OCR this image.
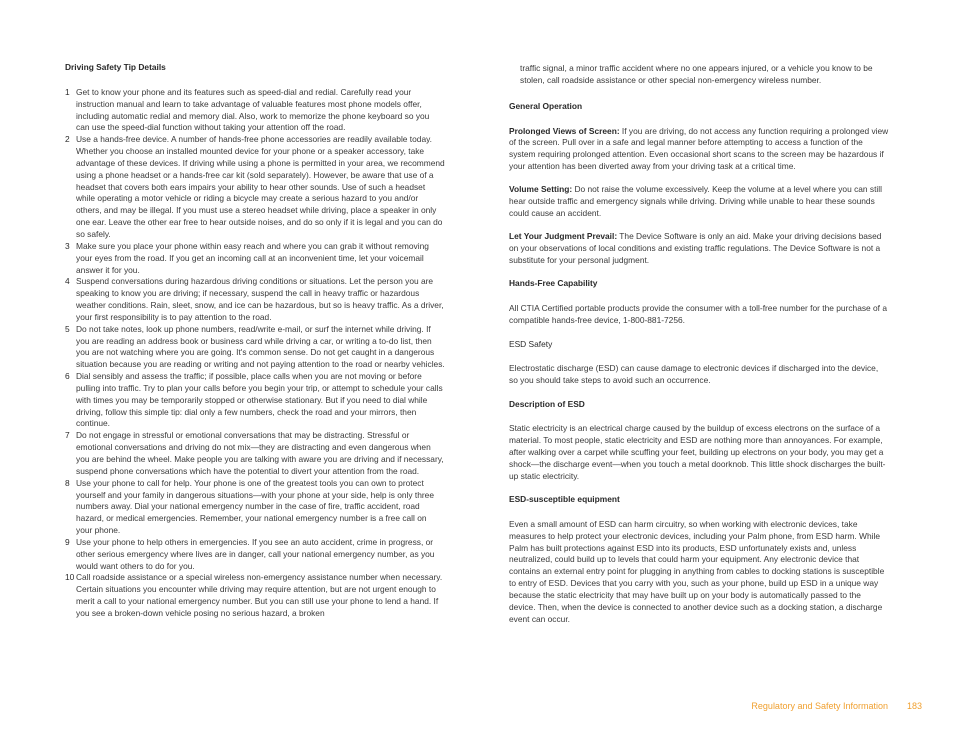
Driving Safety Tip Details
1 Get to know your phone and its features such as speed-dial and redial. Carefully read your instruction manual and learn to take advantage of valuable features most phone models offer, including automatic redial and memory dial. Also, work to memorize the phone keyboard so you can use the speed-dial function without taking your attention off the road.
2 Use a hands-free device. A number of hands-free phone accessories are readily available today. Whether you choose an installed mounted device for your phone or a speaker accessory, take advantage of these devices. If driving while using a phone is permitted in your area, we recommend using a phone headset or a hands-free car kit (sold separately). However, be aware that use of a headset that covers both ears impairs your ability to hear other sounds. Use of such a headset while operating a motor vehicle or riding a bicycle may create a serious hazard to you and/or others, and may be illegal. If you must use a stereo headset while driving, place a speaker in only one ear. Leave the other ear free to hear outside noises, and do so only if it is legal and you can do so safely.
3 Make sure you place your phone within easy reach and where you can grab it without removing your eyes from the road. If you get an incoming call at an inconvenient time, let your voicemail answer it for you.
4 Suspend conversations during hazardous driving conditions or situations. Let the person you are speaking to know you are driving; if necessary, suspend the call in heavy traffic or hazardous weather conditions. Rain, sleet, snow, and ice can be hazardous, but so is heavy traffic. As a driver, your first responsibility is to pay attention to the road.
5 Do not take notes, look up phone numbers, read/write e-mail, or surf the internet while driving. If you are reading an address book or business card while driving a car, or writing a to-do list, then you are not watching where you are going. It's common sense. Do not get caught in a dangerous situation because you are reading or writing and not paying attention to the road or nearby vehicles.
6 Dial sensibly and assess the traffic; if possible, place calls when you are not moving or before pulling into traffic. Try to plan your calls before you begin your trip, or attempt to schedule your calls with times you may be temporarily stopped or otherwise stationary. But if you need to dial while driving, follow this simple tip: dial only a few numbers, check the road and your mirrors, then continue.
7 Do not engage in stressful or emotional conversations that may be distracting. Stressful or emotional conversations and driving do not mix—they are distracting and even dangerous when you are behind the wheel. Make people you are talking with aware you are driving and if necessary, suspend phone conversations which have the potential to divert your attention from the road.
8 Use your phone to call for help. Your phone is one of the greatest tools you can own to protect yourself and your family in dangerous situations—with your phone at your side, help is only three numbers away. Dial your national emergency number in the case of fire, traffic accident, road hazard, or medical emergencies. Remember, your national emergency number is a free call on your phone.
9 Use your phone to help others in emergencies. If you see an auto accident, crime in progress, or other serious emergency where lives are in danger, call your national emergency number, as you would want others to do for you.
10 Call roadside assistance or a special wireless non-emergency assistance number when necessary. Certain situations you encounter while driving may require attention, but are not urgent enough to merit a call to your national emergency number. But you can still use your phone to lend a hand. If you see a broken-down vehicle posing no serious hazard, a broken
traffic signal, a minor traffic accident where no one appears injured, or a vehicle you know to be stolen, call roadside assistance or other special non-emergency wireless number.
General Operation
Prolonged Views of Screen: If you are driving, do not access any function requiring a prolonged view of the screen. Pull over in a safe and legal manner before attempting to access a function of the system requiring prolonged attention. Even occasional short scans to the screen may be hazardous if your attention has been diverted away from your driving task at a critical time.
Volume Setting: Do not raise the volume excessively. Keep the volume at a level where you can still hear outside traffic and emergency signals while driving. Driving while unable to hear these sounds could cause an accident.
Let Your Judgment Prevail: The Device Software is only an aid. Make your driving decisions based on your observations of local conditions and existing traffic regulations. The Device Software is not a substitute for your personal judgment.
Hands-Free Capability
All CTIA Certified portable products provide the consumer with a toll-free number for the purchase of a compatible hands-free device, 1-800-881-7256.
ESD Safety
Electrostatic discharge (ESD) can cause damage to electronic devices if discharged into the device, so you should take steps to avoid such an occurrence.
Description of ESD
Static electricity is an electrical charge caused by the buildup of excess electrons on the surface of a material. To most people, static electricity and ESD are nothing more than annoyances. For example, after walking over a carpet while scuffing your feet, building up electrons on your body, you may get a shock—the discharge event—when you touch a metal doorknob. This little shock discharges the built-up static electricity.
ESD-susceptible equipment
Even a small amount of ESD can harm circuitry, so when working with electronic devices, take measures to help protect your electronic devices, including your Palm phone, from ESD harm. While Palm has built protections against ESD into its products, ESD unfortunately exists and, unless neutralized, could build up to levels that could harm your equipment. Any electronic device that contains an external entry point for plugging in anything from cables to docking stations is susceptible to entry of ESD. Devices that you carry with you, such as your phone, build up ESD in a unique way because the static electricity that may have built up on your body is automatically passed to the device. Then, when the device is connected to another device such as a docking station, a discharge event can occur.
Regulatory and Safety Information 183
